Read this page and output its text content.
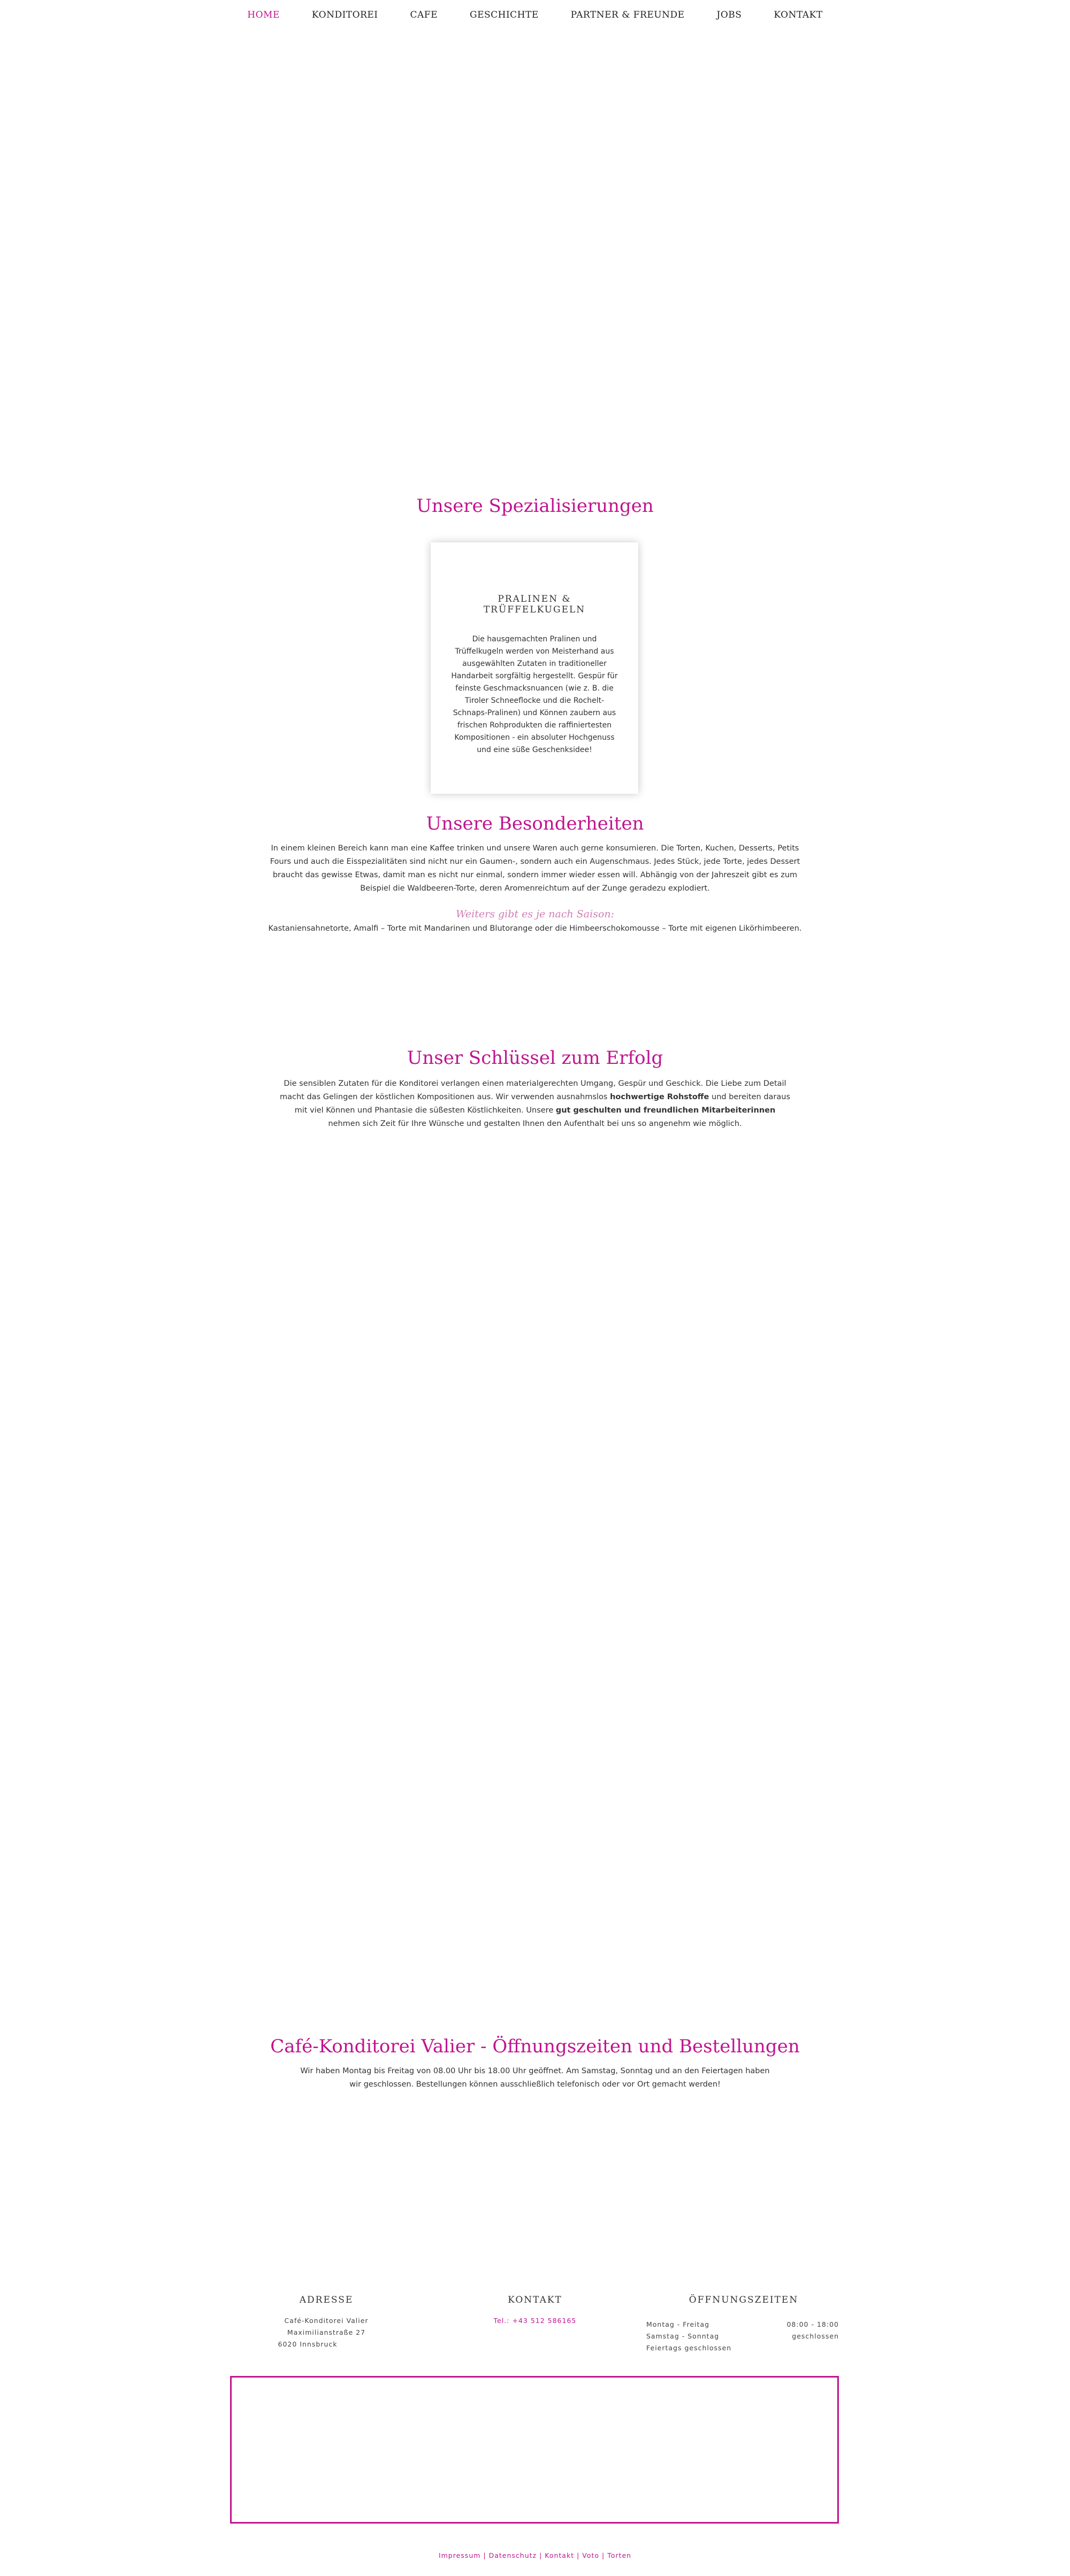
HOME	KONDITOREI	CAFE	GESCHICHTE	PARTNER & FREUNDE	JOBS	KONTAKT
Unsere Spezialisierungen
PRALINEN & TRÜFFELKUGELN

Die hausgemachten Pralinen und Trüffelkugeln werden von Meisterhand aus ausgewählten Zutaten in traditioneller Handarbeit sorgfältig hergestellt. Gespür für feinste Geschmacksnuancen (wie z. B. die Tiroler Schneeflocke und die Rochelt-Schnaps-Pralinen) und Können zaubern aus frischen Rohprodukten die raffiniertesten Kompositionen - ein absoluter Hochgenuss und eine süße Geschenksidee!

Unsere Besonderheiten

In einem kleinen Bereich kann man eine Kaffee trinken und unsere Waren auch gerne konsumieren. Die Torten, Kuchen, Desserts, Petits Fours und auch die Eisspezialitäten sind nicht nur ein Gaumen-, sondern auch ein Augenschmaus. Jedes Stück, jede Torte, jedes Dessert braucht das gewisse Etwas, damit man es nicht nur einmal, sondern immer wieder essen will. Abhängig von der Jahreszeit gibt es zum Beispiel die Waldbeeren-Torte, deren Aromenreichtum auf der Zunge geradezu explodiert.

Weiters gibt es je nach Saison:

Kastaniensahnetorte, Amalfi – Torte mit Mandarinen und Blutorange oder die Himbeerschokomousse – Torte mit eigenen Likörhimbeeren.

Unser Schlüssel zum Erfolg

Die sensiblen Zutaten für die Konditorei verlangen einen materialgerechten Umgang, Gespür und Geschick. Die Liebe zum Detail macht das Gelingen der köstlichen Kompositionen aus. Wir verwenden ausnahmslos hochwertige Rohstoffe und bereiten daraus mit viel Können und Phantasie die süßesten Köstlichkeiten. Unsere gut geschulten und freundlichen Mitarbeiterinnen nehmen sich Zeit für Ihre Wünsche und gestalten Ihnen den Aufenthalt bei uns so angenehm wie möglich.

Café-Konditorei Valier - Öffnungszeiten und Bestellungen

Wir haben Montag bis Freitag von 08.00 Uhr bis 18.00 Uhr geöffnet. Am Samstag, Sonntag und an den Feiertagen haben wir geschlossen. Bestellungen können ausschließlich telefonisch oder vor Ort gemacht werden!

ADRESSE
Café-Konditorei Valier
Maximilianstraße 27
6020 Innsbruck
KONTAKT
Tel.: +43 512 586165
ÖFFNUNGSZEITEN
Montag - Freitag	08:00 - 18:00
Samstag - Sonntag	geschlossen
Feiertags geschlossen
Impressum | Datenschutz | Kontakt | Voto | Torten
